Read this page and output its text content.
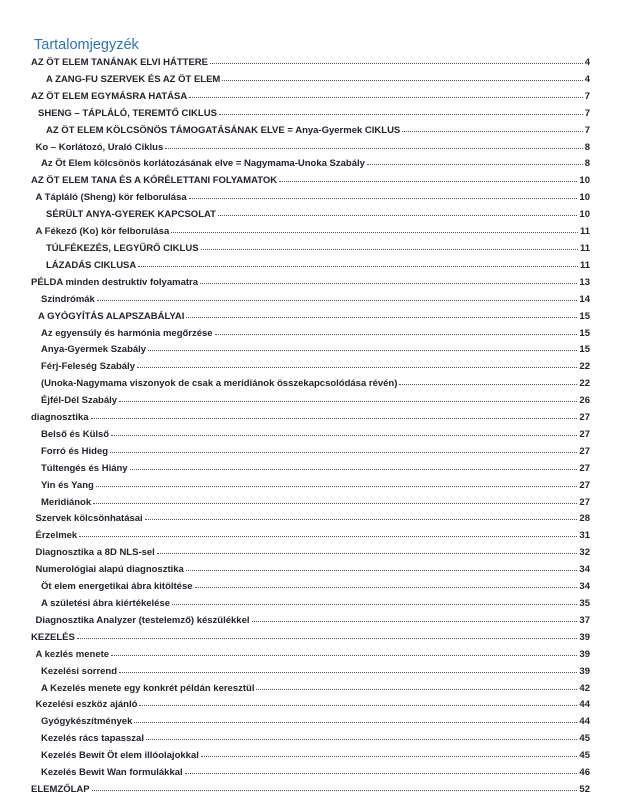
Tartalomjegyzék
AZ ÖT ELEM TANÁNAK ELVI HÁTTERE	4
A ZANG-FU SZERVEK ÉS AZ ÖT ELEM	4
AZ ÖT ELEM EGYMÁSRA HATÁSA	7
SHENG – TÁPLÁLÓ, TEREMTŐ CIKLUS	7
AZ ÖT ELEM KÖLCSÖNÖS TÁMOGATÁSÁNAK ELVE = Anya-Gyermek CIKLUS	7
Ko – Korlátozó, Uraló Ciklus	8
Az Öt Elem kölcsönös korlátozásának elve = Nagymama-Unoka Szabály	8
AZ ÖT ELEM TANA ÉS A KÓRÉLETTANI FOLYAMATOK	10
A Tápláló (Sheng) kör felborulása	10
SÉRÜLT ANYA-GYEREK KAPCSOLAT	10
A Fékező (Ko) kör felborulása	11
TÚLFÉKEZÉS, LEGYŰRŐ CIKLUS	11
LÁZADÁS CIKLUSA	11
PÉLDA minden destruktív folyamatra	13
Szindrómák	14
A GYÓGYÍTÁS ALAPSZABÁLYAI	15
Az egyensúly és harmónia megőrzése	15
Anya-Gyermek Szabály	15
Férj-Feleség Szabály	22
(Unoka-Nagymama viszonyok de csak a meridiánok összekapcsolódása révén)	22
Éjfél-Dél Szabály	26
diagnosztika	27
Belső és Külső	27
Forró és Hideg	27
Túltengés és Hiány	27
Yin és Yang	27
Meridiánok	27
Szervek kölcsönhatásai	28
Érzelmek	31
Diagnosztika a 8D NLS-sel	32
Numerológiai alapú diagnosztika	34
Öt elem energetikai ábra kitöltése	34
A születési ábra kiértékelése	35
Diagnosztika Analyzer (testelemző) készülékkel	37
KEZELÉS	39
A kezlés menete	39
Kezelési sorrend	39
A Kezelés menete egy konkrét példán keresztül	42
Kezelési eszköz ajánló	44
Gyógykészítmények	44
Kezelés rács tapasszal	45
Kezelés Bewit Öt elem illóolajokkal	45
Kezelés Bewit Wan formulákkal	46
ELEMZŐLAP	52
